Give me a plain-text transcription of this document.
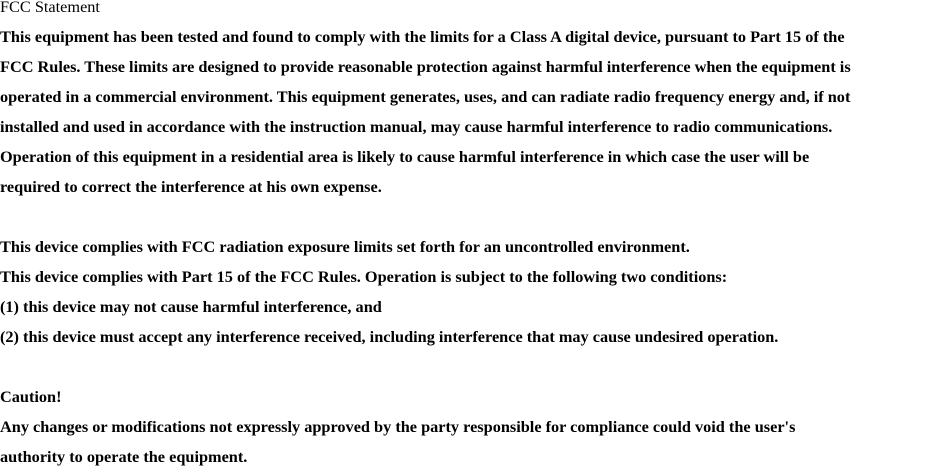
FCC Statement
This equipment has been tested and found to comply with the limits for a Class A digital device, pursuant to Part 15 of the
FCC Rules. These limits are designed to provide reasonable protection against harmful interference when the equipment is
operated in a commercial environment. This equipment generates, uses, and can radiate radio frequency energy and, if not
installed and used in accordance with the instruction manual, may cause harmful interference to radio communications.
Operation of this equipment in a residential area is likely to cause harmful interference in which case the user will be
required to correct the interference at his own expense.
This device complies with FCC radiation exposure limits set forth for an uncontrolled environment.
This device complies with Part 15 of the FCC Rules. Operation is subject to the following two conditions:
(1) this device may not cause harmful interference, and
(2) this device must accept any interference received, including interference that may cause undesired operation.
Caution!
Any changes or modifications not expressly approved by the party responsible for compliance could void the user's
authority to operate the equipment.
